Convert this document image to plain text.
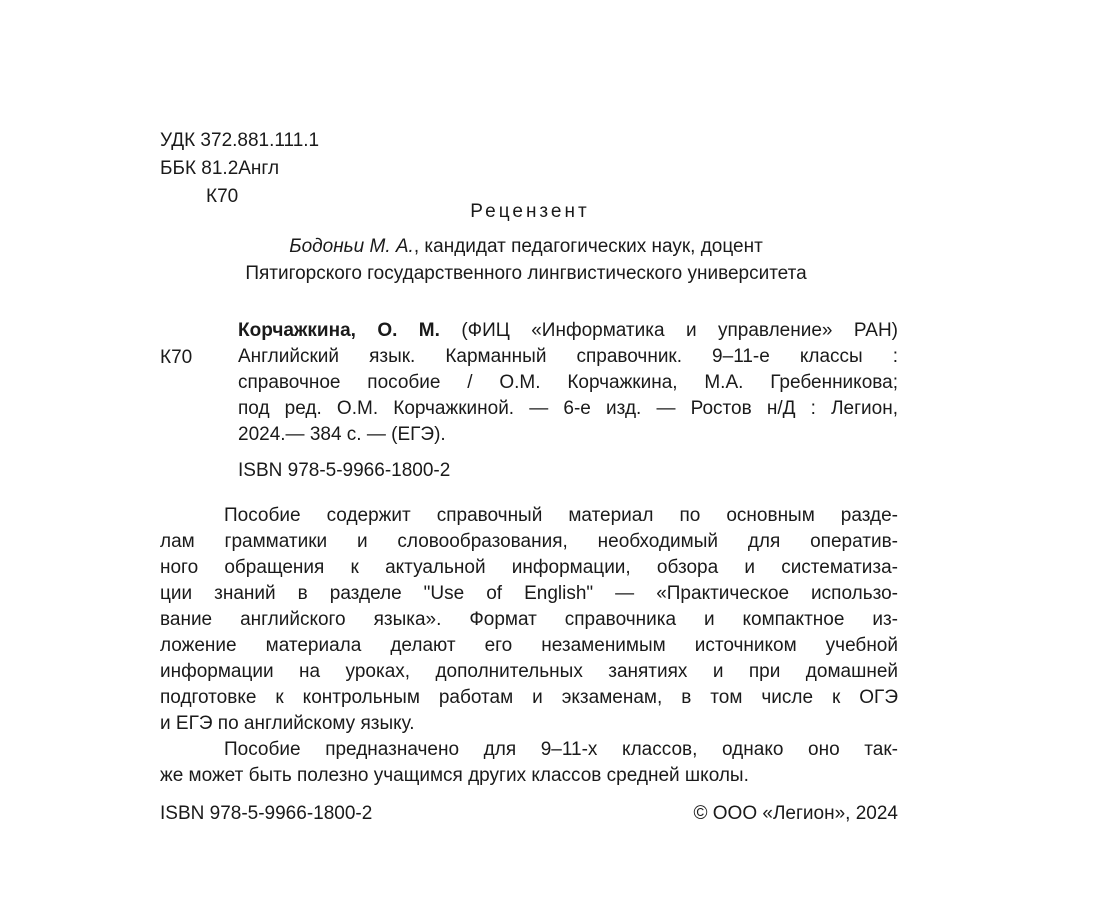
УДК 372.881.111.1
ББК 81.2Англ
К70
Рецензент
Бодоньи М. А., кандидат педагогических наук, доцент
Пятигорского государственного лингвистического университета
К70
Корчажкина, О. М. (ФИЦ «Информатика и управление» РАН)
Английский язык. Карманный справочник. 9–11-е классы :
справочное пособие / О.М. Корчажкина, М.А. Гребенникова;
под ред. О.М. Корчажкиной. — 6-е изд. — Ростов н/Д : Легион,
2024.— 384 с. — (ЕГЭ).
ISBN 978-5-9966-1800-2
Пособие содержит справочный материал по основным разде-
лам грамматики и словообразования, необходимый для оператив-
ного обращения к актуальной информации, обзора и систематиза-
ции знаний в разделе "Use of English" — «Практическое использо-
вание английского языка». Формат справочника и компактное из-
ложение материала делают его незаменимым источником учебной
информации на уроках, дополнительных занятиях и при домашней
подготовке к контрольным работам и экзаменам, в том числе к ОГЭ
и ЕГЭ по английскому языку.
Пособие предназначено для 9–11-х классов, однако оно так-
же может быть полезно учащимся других классов средней школы.
ISBN 978-5-9966-1800-2	© ООО «Легион», 2024
